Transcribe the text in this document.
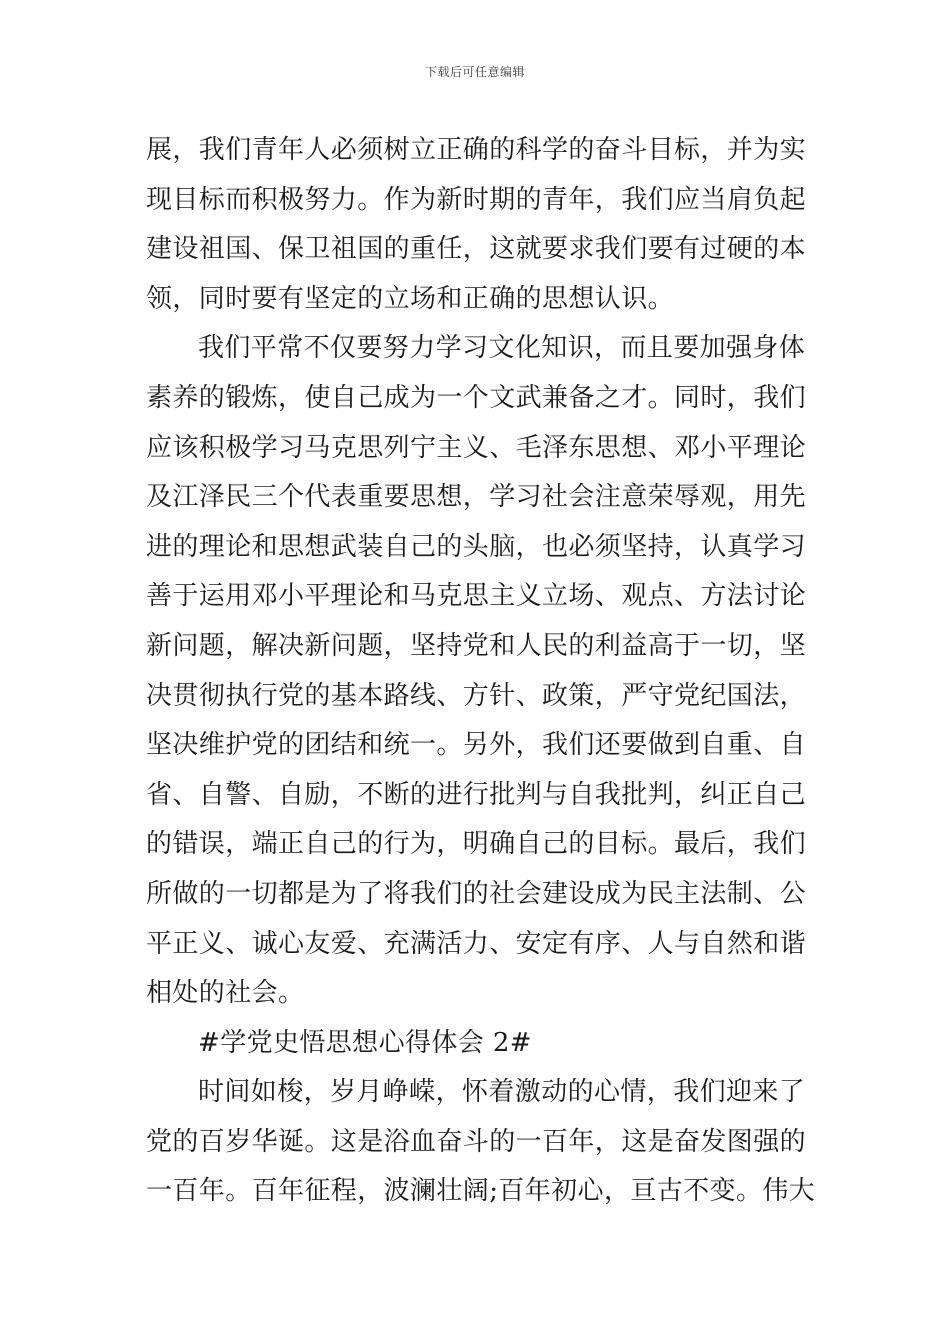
下载后可任意编辑
展，我们青年人必须树立正确的科学的奋斗目标，并为实
现目标而积极努力。作为新时期的青年，我们应当肩负起
建设祖国、保卫祖国的重任，这就要求我们要有过硬的本
领，同时要有坚定的立场和正确的思想认识。
我们平常不仅要努力学习文化知识，而且要加强身体
素养的锻炼，使自己成为一个文武兼备之才。同时，我们
应该积极学习马克思列宁主义、毛泽东思想、邓小平理论
及江泽民三个代表重要思想，学习社会注意荣辱观，用先
进的理论和思想武装自己的头脑，也必须坚持，认真学习
善于运用邓小平理论和马克思主义立场、观点、方法讨论
新问题，解决新问题，坚持党和人民的利益高于一切，坚
决贯彻执行党的基本路线、方针、政策，严守党纪国法，
坚决维护党的团结和统一。另外，我们还要做到自重、自
省、自警、自励，不断的进行批判与自我批判，纠正自己
的错误，端正自己的行为，明确自己的目标。最后，我们
所做的一切都是为了将我们的社会建设成为民主法制、公
平正义、诚心友爱、充满活力、安定有序、人与自然和谐
相处的社会。
#学党史悟思想心得体会 2#
时间如梭，岁月峥嵘，怀着激动的心情，我们迎来了
党的百岁华诞。这是浴血奋斗的一百年，这是奋发图强的
一百年。百年征程，波澜壮阔;百年初心，亘古不变。伟大
